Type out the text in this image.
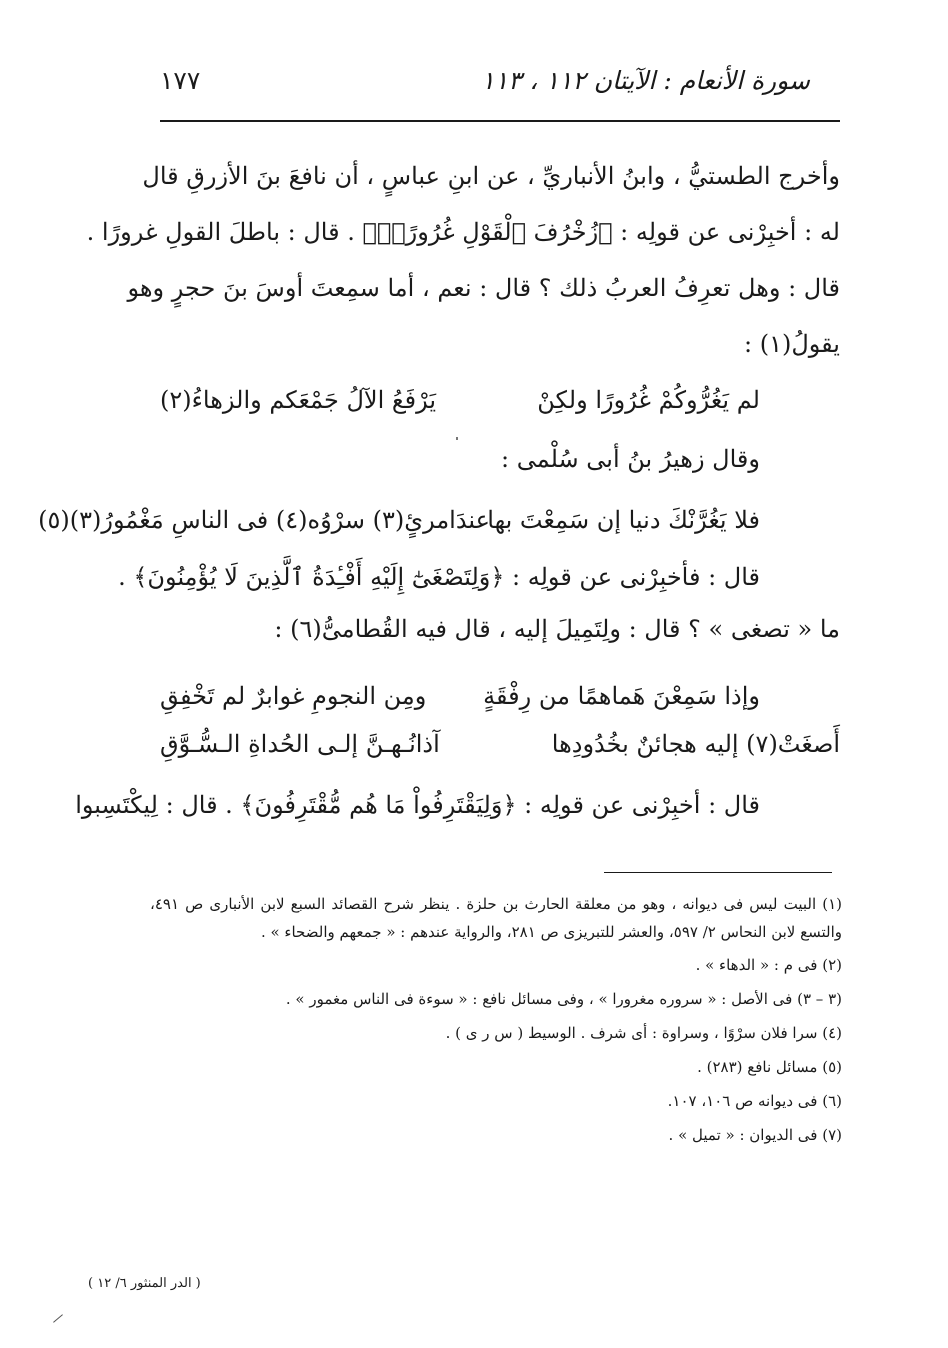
سورة الأنعام : الآيتان ١١٢ ، ١١٣
١٧٧
وأخرج الطستيُّ ، وابنُ الأنباريِّ ، عن ابنِ عباسٍ ، أن نافعَ بنَ الأزرقِ قال
له : أخبِرْنى عن قولِه : ﴿زُخْرُفَ ٱلْقَوْلِ غُرُورًاۚ﴾ . قال : باطلَ القولِ غرورًا .
قال : وهل تعرِفُ العربُ ذلك ؟ قال : نعم ، أما سمِعتَ أوسَ بنَ حجرٍ وهو
يقولُ(١) :
لم يَغُرُّوكُمْ غُرُورًا ولكِنْ
يَرْفَعُ الآلُ جَمْعَكم والزهاءُ(٢)
وقال زهيرُ بنُ أبى سُلْمى :
فلا يَغُرَّنْكَ دنيا إن سَمِعْتَ بها
عندَامرئٍ(٣) سرْوُه(٤) فى الناسِ مَغْمُورُ(٣)(٥)
قال : فأخبِرْنى عن قولِه : ﴿وَلِتَصْغَىٰٓ إِلَيْهِ أَفْـِٔدَةُ ٱلَّذِينَ لَا يُؤْمِنُونَ﴾ .
ما « تصغى » ؟ قال : ولِتَمِيلَ إليه ، قال فيه القُطامىُّ(٦) :
وإذا سَمِعْنَ هَماهمًا من رِفْقَةٍ
ومِن النجومِ غوابرٌ لم تَخْفِقِ
أَصغَتْ(٧) إليه هجائنٌ بخُدُودِها
آذانُـهـنَّ إلـى الحُداةِ الـسُّـوَّقِ
قال : أخبِرْنى عن قولِه : ﴿وَلِيَقْتَرِفُواْ مَا هُم مُّقْتَرِفُونَ﴾ . قال : لِيكْتَسِبوا
(١) البيت ليس فى ديوانه ، وهو من معلقة الحارث بن حلزة . ينظر شرح القصائد السبع لابن الأنبارى ص ٤٩١، والتسع لابن النحاس ٢/ ٥٩٧، والعشر للتبريزى ص ٢٨١، والرواية عندهم : « جمعهم والضحاء » .
(٢) فى م : « الدهاء » .
(٣ – ٣) فى الأصل : « سروره مغرورا » ، وفى مسائل نافع : « سوءة فى الناس مغمور » .
(٤) سرا فلان سرْوًا ، وسراوة : أى شرف . الوسيط ( س ر ى ) .
(٥) مسائل نافع (٢٨٣) .
(٦) فى ديوانه ص ١٠٦، ١٠٧.
(٧) فى الديوان : « تميل » .
( الدر المنثور ٦/ ١٢ )
